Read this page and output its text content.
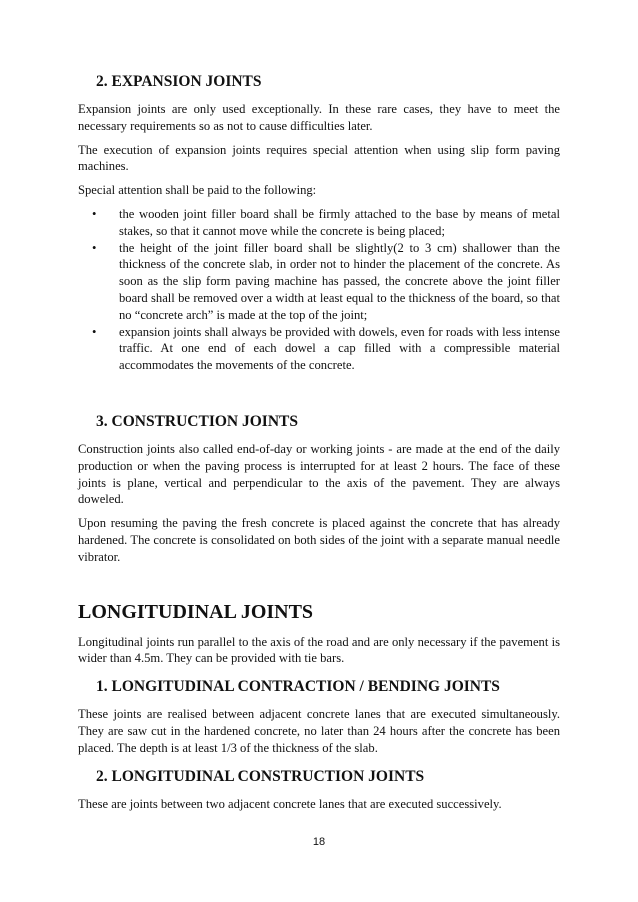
2. EXPANSION JOINTS

Expansion joints are only used exceptionally. In these rare cases, they have to meet the necessary requirements so as not to cause difficulties later.

The execution of expansion joints requires special attention when using slip form paving machines.

Special attention shall be paid to the following:

• the wooden joint filler board shall be firmly attached to the base by means of metal stakes, so that it cannot move while the concrete is being placed;
• the height of the joint filler board shall be slightly(2 to 3 cm) shallower than the thickness of the concrete slab, in order not to hinder the placement of the concrete. As soon as the slip form paving machine has passed, the concrete above the joint filler board shall be removed over a width at least equal to the thickness of the board, so that no “concrete arch” is made at the top of the joint;
• expansion joints shall always be provided with dowels, even for roads with less intense traffic. At one end of each dowel a cap filled with a compressible material accommodates the movements of the concrete.
3. CONSTRUCTION JOINTS

Construction joints also called end-of-day or working joints - are made at the end of the daily production or when the paving process is interrupted for at least 2 hours. The face of these joints is plane, vertical and perpendicular to the axis of the pavement. They are always doweled.

Upon resuming the paving the fresh concrete is placed against the concrete that has already hardened. The concrete is consolidated on both sides of the joint with a separate manual needle vibrator.

LONGITUDINAL JOINTS

Longitudinal joints run parallel to the axis of the road and are only necessary if the pavement is wider than 4.5m. They can be provided with tie bars.

1. LONGITUDINAL CONTRACTION / BENDING JOINTS

These joints are realised between adjacent concrete lanes that are executed simultaneously. They are saw cut in the hardened concrete, no later than 24 hours after the concrete has been placed. The depth is at least 1/3 of the thickness of the slab.

2. LONGITUDINAL CONSTRUCTION JOINTS

These are joints between two adjacent concrete lanes that are executed successively.

18
